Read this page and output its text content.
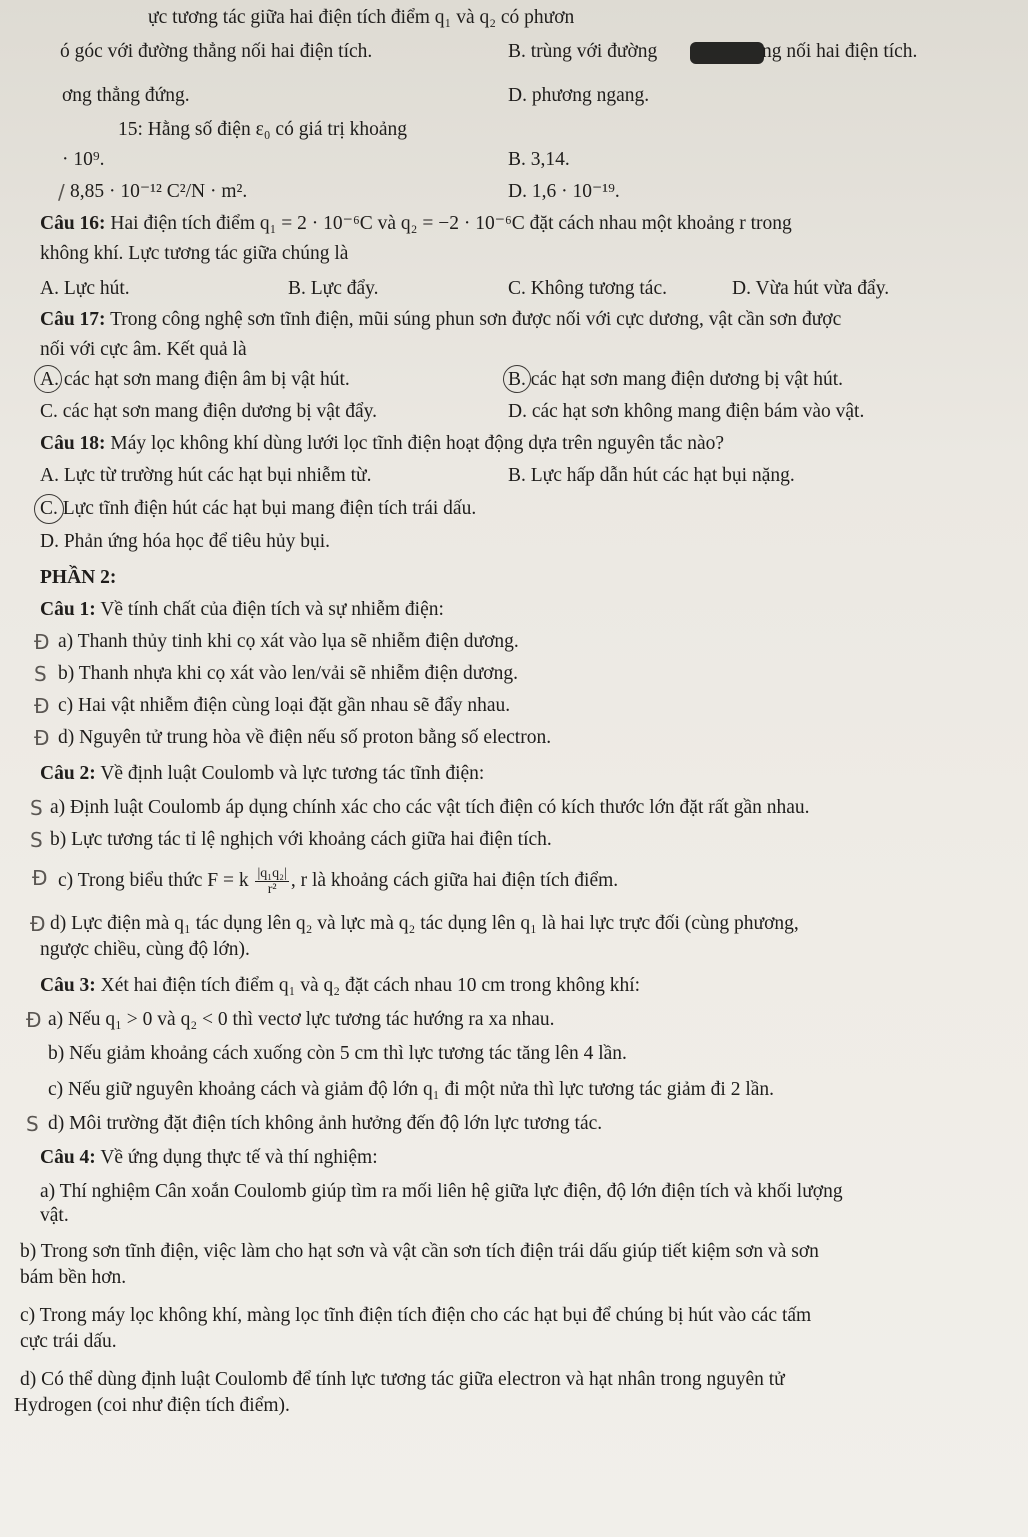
ực tương tác giữa hai điện tích điểm q₁ và q₂ có phươn
ó góc với đường thẳng nối hai điện tích.	B. trùng với đường	ng nối hai điện tích.
ơng thẳng đứng.	D. phương ngang.
15: Hằng số điện ε₀ có giá trị khoảng
· 10⁹.	B. 3,14.
/ 8,85 · 10⁻¹² C²/N · m².	D. 1,6 · 10⁻¹⁹.
Câu 16: Hai điện tích điểm q₁ = 2 · 10⁻⁶C và q₂ = −2 · 10⁻⁶C đặt cách nhau một khoảng r trong
không khí. Lực tương tác giữa chúng là
A. Lực hút.	B. Lực đẩy.	C. Không tương tác.	D. Vừa hút vừa đẩy.
Câu 17: Trong công nghệ sơn tĩnh điện, mũi súng phun sơn được nối với cực dương, vật cần sơn được
nối với cực âm. Kết quả là
A. các hạt sơn mang điện âm bị vật hút.	B. các hạt sơn mang điện dương bị vật hút.
C. các hạt sơn mang điện dương bị vật đẩy.	D. các hạt sơn không mang điện bám vào vật.
Câu 18: Máy lọc không khí dùng lưới lọc tĩnh điện hoạt động dựa trên nguyên tắc nào?
A. Lực từ trường hút các hạt bụi nhiễm từ.	B. Lực hấp dẫn hút các hạt bụi nặng.
C. Lực tĩnh điện hút các hạt bụi mang điện tích trái dấu.
D. Phản ứng hóa học để tiêu hủy bụi.
PHẦN 2:
Câu 1: Về tính chất của điện tích và sự nhiễm điện:
Đ a) Thanh thủy tinh khi cọ xát vào lụa sẽ nhiễm điện dương.
S b) Thanh nhựa khi cọ xát vào len/vải sẽ nhiễm điện dương.
Đ c) Hai vật nhiễm điện cùng loại đặt gần nhau sẽ đẩy nhau.
Đ d) Nguyên tử trung hòa về điện nếu số proton bằng số electron.
Câu 2: Về định luật Coulomb và lực tương tác tĩnh điện:
S a) Định luật Coulomb áp dụng chính xác cho các vật tích điện có kích thước lớn đặt rất gần nhau.
S b) Lực tương tác tỉ lệ nghịch với khoảng cách giữa hai điện tích.
Đ c) Trong biểu thức F = k $\frac{\text{|q₁q₂|}}{\text{r²}}$ , r là khoảng cách giữa hai điện tích điểm.
Đ d) Lực điện mà q₁ tác dụng lên q₂ và lực mà q₂ tác dụng lên q₁ là hai lực trực đối (cùng phương,
ngược chiều, cùng độ lớn).
Câu 3: Xét hai điện tích điểm q₁ và q₂ đặt cách nhau 10 cm trong không khí:
Đ a) Nếu q₁ > 0 và q₂ < 0 thì vectơ lực tương tác hướng ra xa nhau.
b) Nếu giảm khoảng cách xuống còn 5 cm thì lực tương tác tăng lên 4 lần.
c) Nếu giữ nguyên khoảng cách và giảm độ lớn q₁ đi một nửa thì lực tương tác giảm đi 2 lần.
S d) Môi trường đặt điện tích không ảnh hưởng đến độ lớn lực tương tác.
Câu 4: Về ứng dụng thực tế và thí nghiệm:
a) Thí nghiệm Cân xoắn Coulomb giúp tìm ra mối liên hệ giữa lực điện, độ lớn điện tích và khối lượng
vật.
b) Trong sơn tĩnh điện, việc làm cho hạt sơn và vật cần sơn tích điện trái dấu giúp tiết kiệm sơn và sơn
bám bền hơn.
c) Trong máy lọc không khí, màng lọc tĩnh điện tích điện cho các hạt bụi để chúng bị hút vào các tấm
cực trái dấu.
d) Có thể dùng định luật Coulomb để tính lực tương tác giữa electron và hạt nhân trong nguyên tử
Hydrogen (coi như điện tích điểm).
